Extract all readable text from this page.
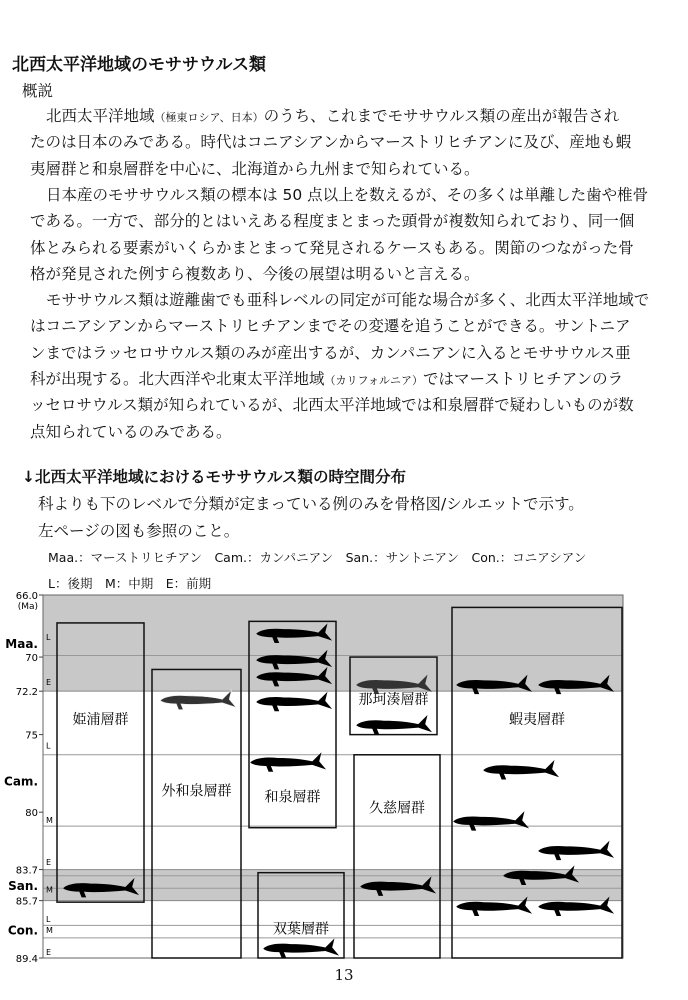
北西太平洋地域のモササウルス類
概説
北西太平洋地域（極東ロシア、日本）のうち、これまでモササウルス類の産出が報告され
たのは日本のみである。時代はコニアシアンからマーストリヒチアンに及び、産地も蝦
夷層群と和泉層群を中心に、北海道から九州まで知られている。
日本産のモササウルス類の標本は 50 点以上を数えるが、その多くは単離した歯や椎骨
である。一方で、部分的とはいえある程度まとまった頭骨が複数知られており、同一個
体とみられる要素がいくらかまとまって発見されるケースもある。関節のつながった骨
格が発見された例すら複数あり、今後の展望は明るいと言える。
モササウルス類は遊離歯でも亜科レベルの同定が可能な場合が多く、北西太平洋地域で
はコニアシアンからマーストリヒチアンまでその変遷を追うことができる。サントニア
ンまではラッセロサウルス類のみが産出するが、カンパニアンに入るとモササウルス亜
科が出現する。北大西洋や北東太平洋地域（カリフォルニア）ではマーストリヒチアンのラ
ッセロサウルス類が知られているが、北西太平洋地域では和泉層群で疑わしいものが数
点知られているのみである。
↓北西太平洋地域におけるモササウルス類の時空間分布
科よりも下のレベルで分類が定まっている例のみを骨格図/シルエットで示す。
左ページの図も参照のこと。
Maa.：マーストリヒチアン　Cam.：カンパニアン　San.：サントニアン　Con.：コニアシアン
L：後期　M：中期　E：前期
Maa.
Cam.
San.
Con.
66.0
70
72.2
75
80
83.7
85.7
89.4
(Ma)
L
E
L
M
E
M
L
M
E
姫浦層群
外和泉層群 和泉層群
双葉層群
那珂湊層群
久慈層群
蝦夷層群
13
